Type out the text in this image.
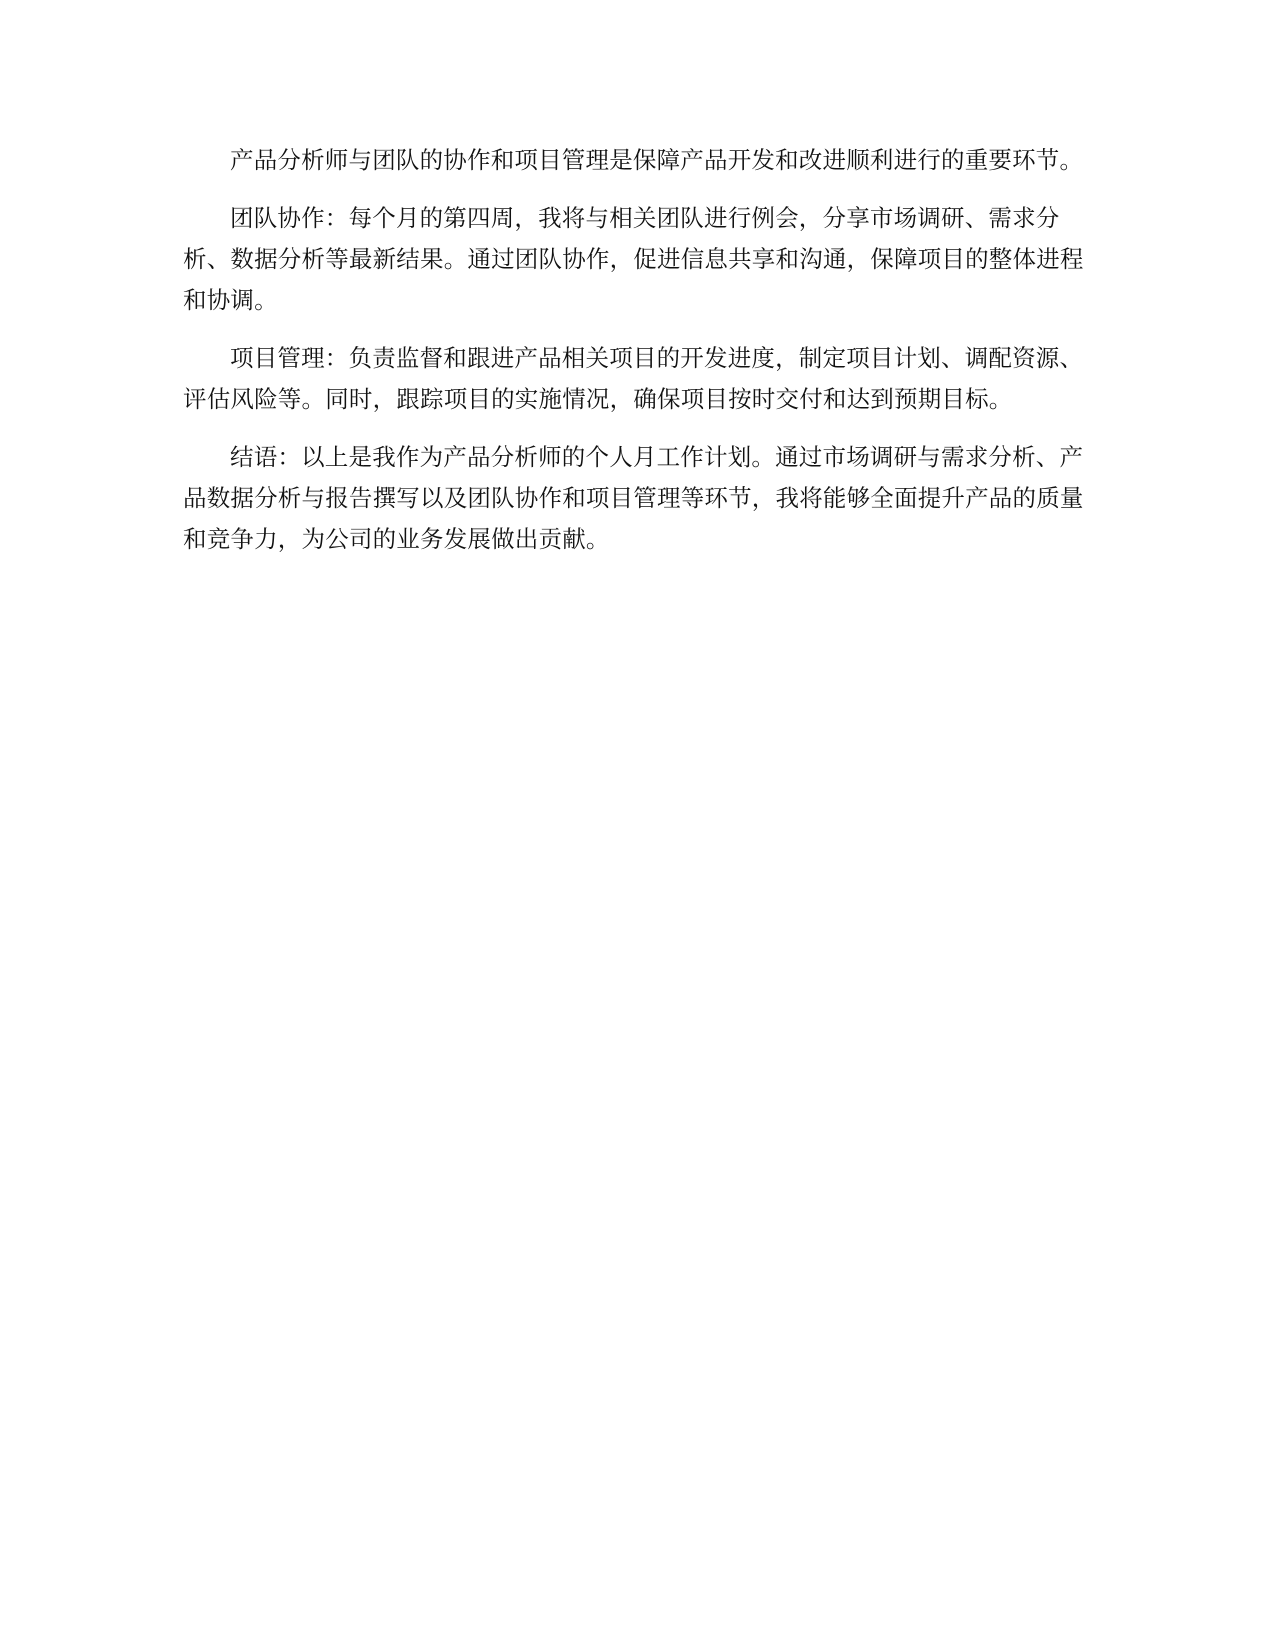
产品分析师与团队的协作和项目管理是保障产品开发和改进顺利进行的重要环节。

团队协作：每个月的第四周，我将与相关团队进行例会，分享市场调研、需求分析、数据分析等最新结果。通过团队协作，促进信息共享和沟通，保障项目的整体进程和协调。

项目管理：负责监督和跟进产品相关项目的开发进度，制定项目计划、调配资源、评估风险等。同时，跟踪项目的实施情况，确保项目按时交付和达到预期目标。

结语：以上是我作为产品分析师的个人月工作计划。通过市场调研与需求分析、产品数据分析与报告撰写以及团队协作和项目管理等环节，我将能够全面提升产品的质量和竞争力，为公司的业务发展做出贡献。
